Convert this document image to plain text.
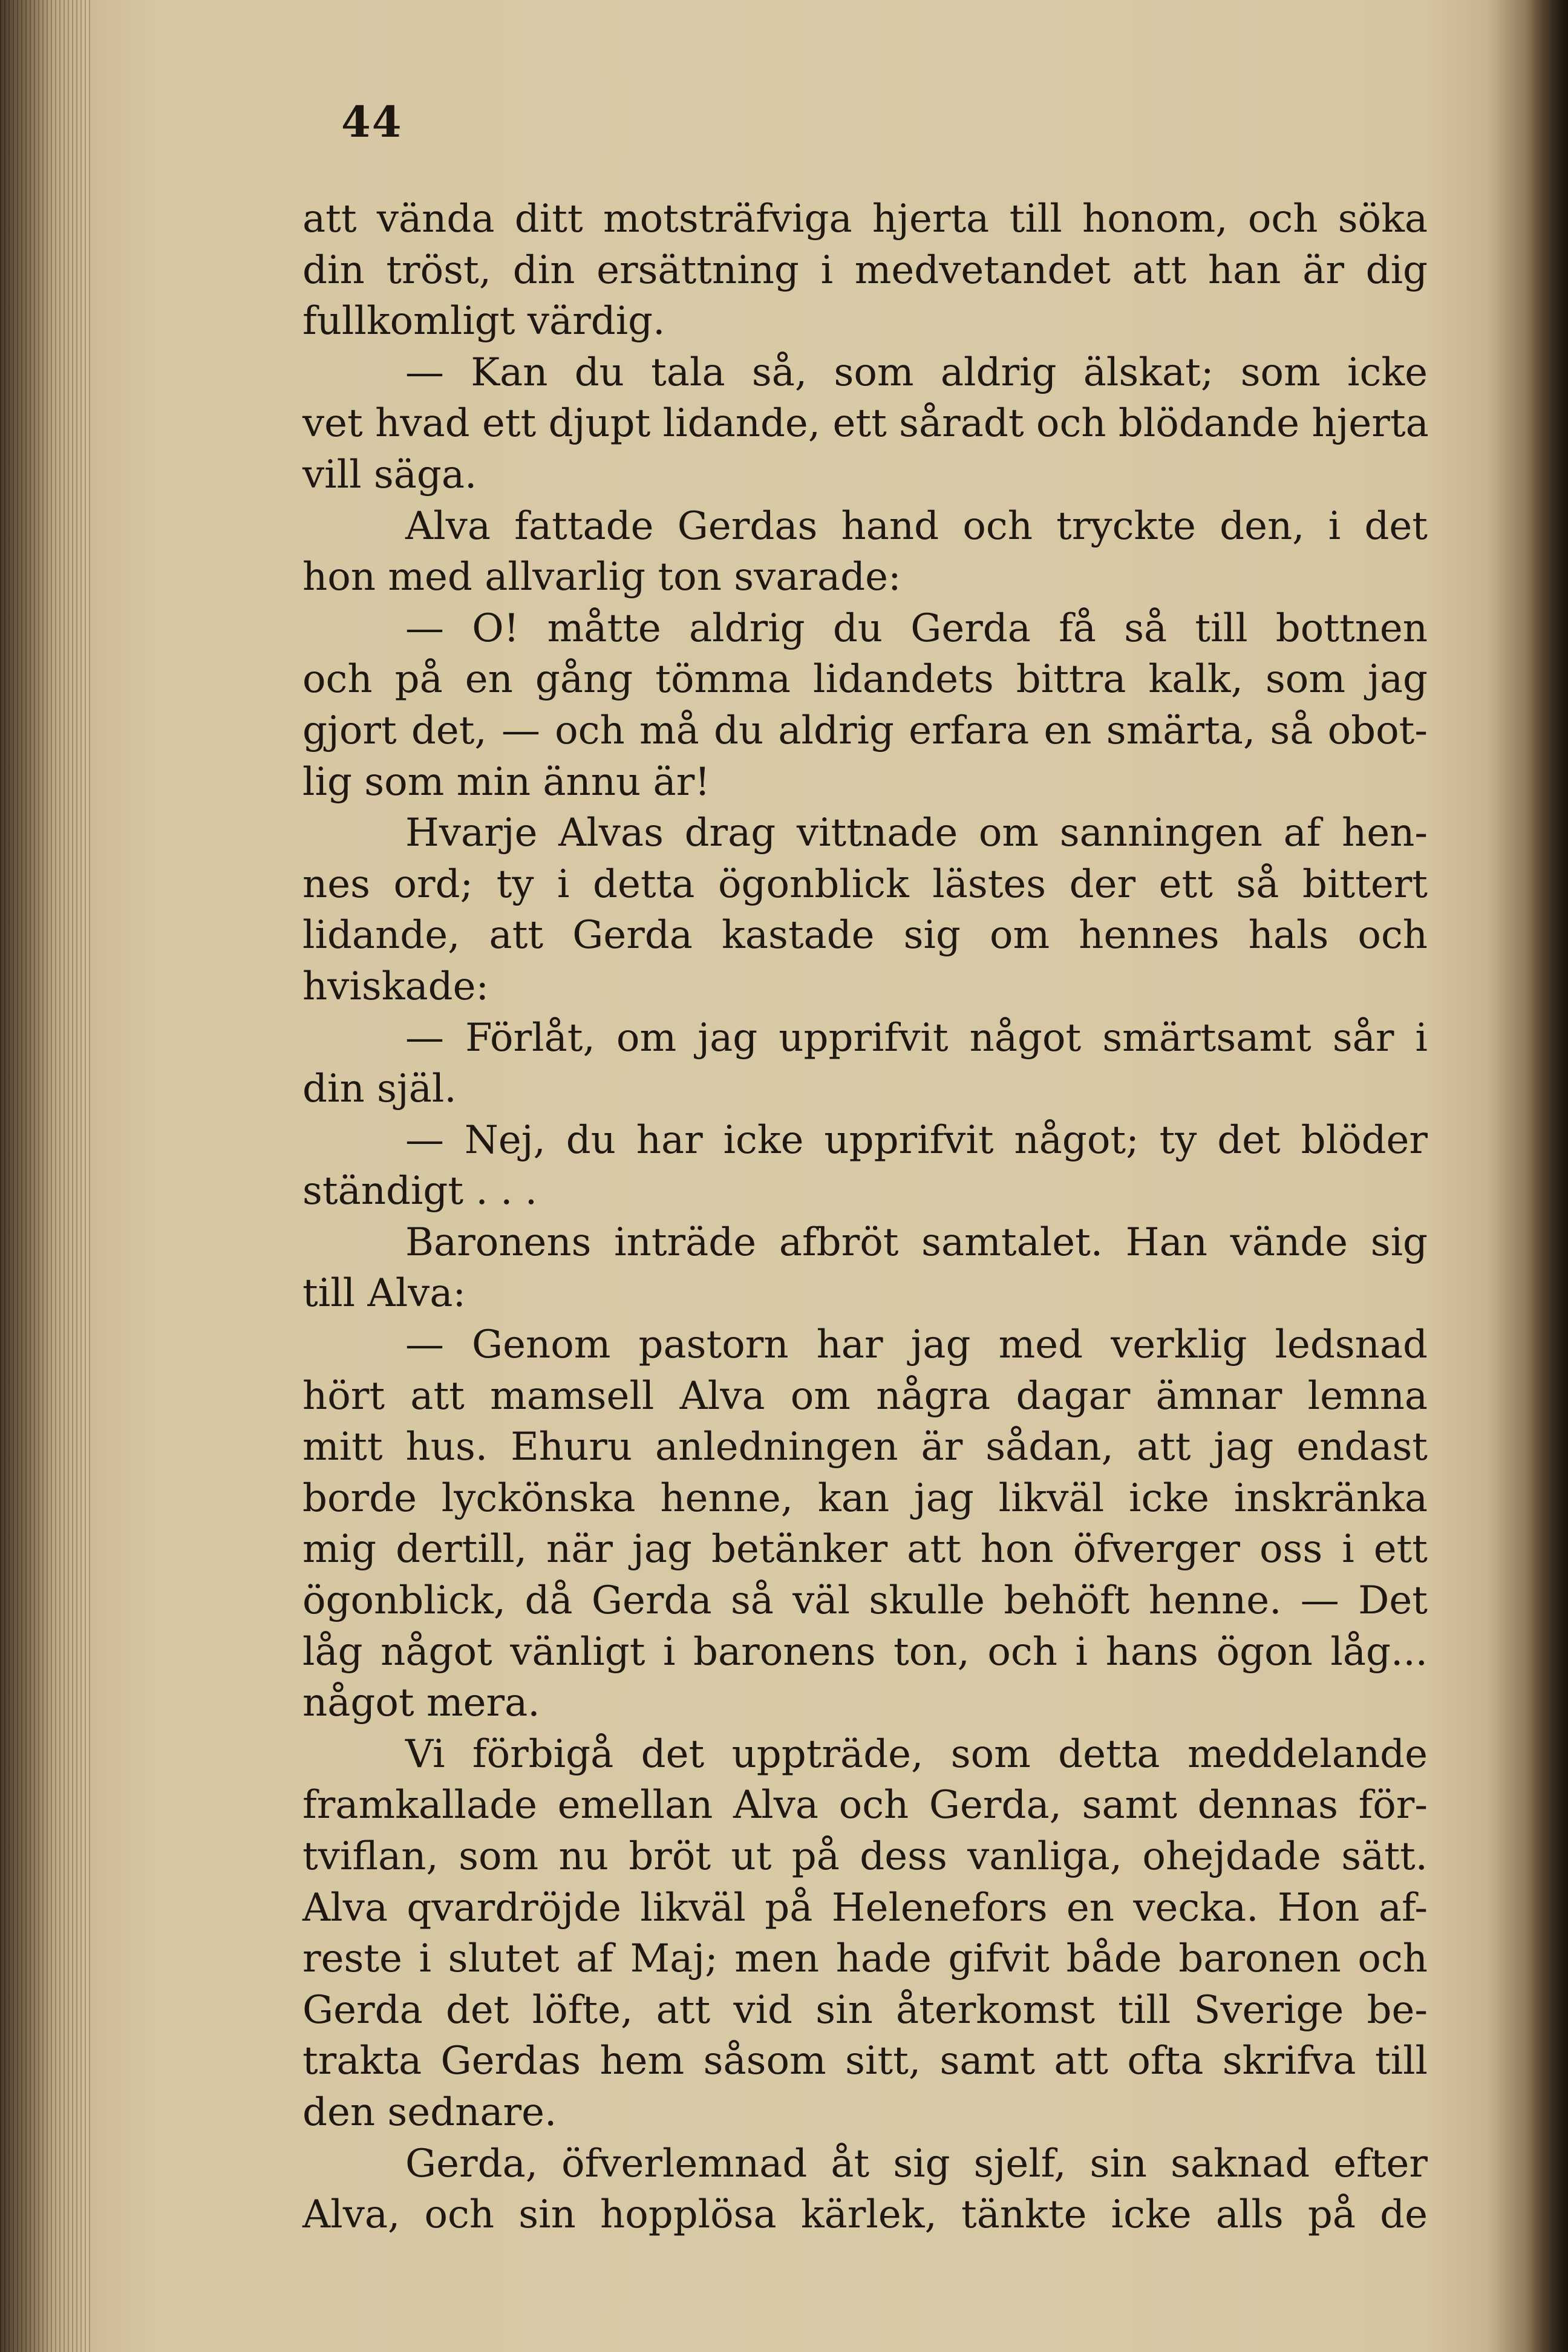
44
att vända ditt motsträfviga hjerta till honom, och söka
din tröst, din ersättning i medvetandet att han är dig
fullkomligt värdig.
— Kan du tala så, som aldrig älskat; som icke
vet hvad ett djupt lidande, ett såradt och blödande hjerta
vill säga.
Alva fattade Gerdas hand och tryckte den, i det
hon med allvarlig ton svarade:
— O! måtte aldrig du Gerda få så till bottnen
och på en gång tömma lidandets bittra kalk, som jag
gjort det, — och må du aldrig erfara en smärta, så obot-
lig som min ännu är!
Hvarje Alvas drag vittnade om sanningen af hen-
nes ord; ty i detta ögonblick lästes der ett så bittert
lidande, att Gerda kastade sig om hennes hals och
hviskade:
— Förlåt, om jag upprifvit något smärtsamt sår i
din själ.
— Nej, du har icke upprifvit något; ty det blöder
ständigt . . .
Baronens inträde afbröt samtalet. Han vände sig
till Alva:
— Genom pastorn har jag med verklig ledsnad
hört att mamsell Alva om några dagar ämnar lemna
mitt hus. Ehuru anledningen är sådan, att jag endast
borde lyckönska henne, kan jag likväl icke inskränka
mig dertill, när jag betänker att hon öfverger oss i ett
ögonblick, då Gerda så väl skulle behöft henne. — Det
låg något vänligt i baronens ton, och i hans ögon låg...
något mera.
Vi förbigå det uppträde, som detta meddelande
framkallade emellan Alva och Gerda, samt dennas för-
tviflan, som nu bröt ut på dess vanliga, ohejdade sätt.
Alva qvardröjde likväl på Helenefors en vecka. Hon af-
reste i slutet af Maj; men hade gifvit både baronen och
Gerda det löfte, att vid sin återkomst till Sverige be-
trakta Gerdas hem såsom sitt, samt att ofta skrifva till
den sednare.
Gerda, öfverlemnad åt sig sjelf, sin saknad efter
Alva, och sin hopplösa kärlek, tänkte icke alls på de
